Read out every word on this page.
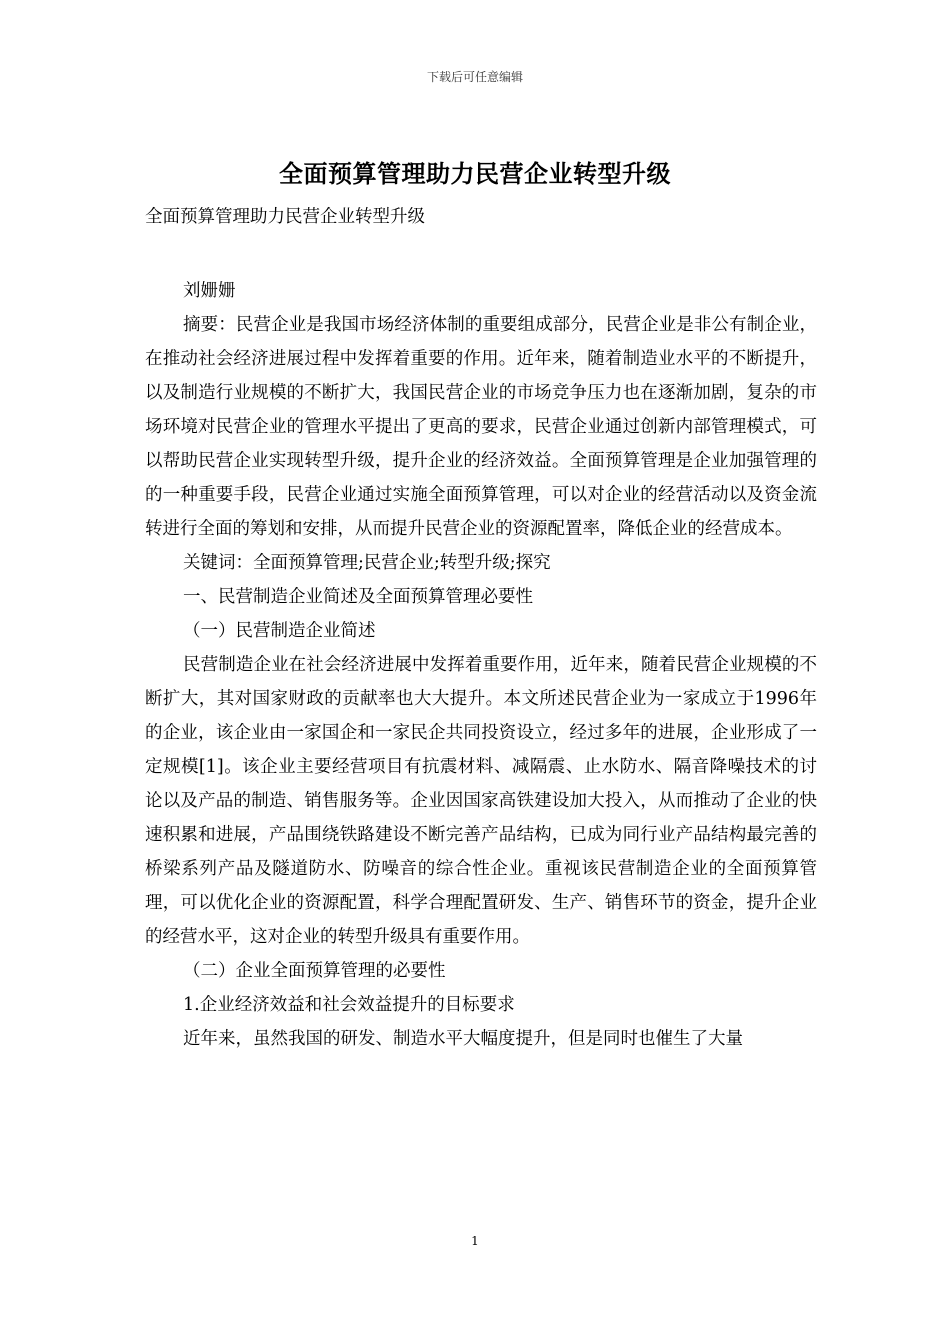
下载后可任意编辑
全面预算管理助力民营企业转型升级

全面预算管理助力民营企业转型升级

刘姗姗

摘要：民营企业是我国市场经济体制的重要组成部分，民营企业是非公有制企业，在推动社会经济进展过程中发挥着重要的作用。近年来，随着制造业水平的不断提升，以及制造行业规模的不断扩大，我国民营企业的市场竞争压力也在逐渐加剧，复杂的市场环境对民营企业的管理水平提出了更高的要求，民营企业通过创新内部管理模式，可以帮助民营企业实现转型升级，提升企业的经济效益。全面预算管理是企业加强管理的的一种重要手段，民营企业通过实施全面预算管理，可以对企业的经营活动以及资金流转进行全面的筹划和安排，从而提升民营企业的资源配置率，降低企业的经营成本。

关键词：全面预算管理;民营企业;转型升级;探究

一、民营制造企业简述及全面预算管理必要性

（一）民营制造企业简述

民营制造企业在社会经济进展中发挥着重要作用，近年来，随着民营企业规模的不断扩大，其对国家财政的贡献率也大大提升。本文所述民营企业为一家成立于1996年的企业，该企业由一家国企和一家民企共同投资设立，经过多年的进展，企业形成了一定规模[1]。该企业主要经营项目有抗震材料、减隔震、止水防水、隔音降噪技术的讨论以及产品的制造、销售服务等。企业因国家高铁建设加大投入，从而推动了企业的快速积累和进展，产品围绕铁路建设不断完善产品结构，已成为同行业产品结构最完善的桥梁系列产品及隧道防水、防噪音的综合性企业。重视该民营制造企业的全面预算管理，可以优化企业的资源配置，科学合理配置研发、生产、销售环节的资金，提升企业的经营水平，这对企业的转型升级具有重要作用。

（二）企业全面预算管理的必要性

1.企业经济效益和社会效益提升的目标要求

近年来，虽然我国的研发、制造水平大幅度提升，但是同时也催生了大量

1
